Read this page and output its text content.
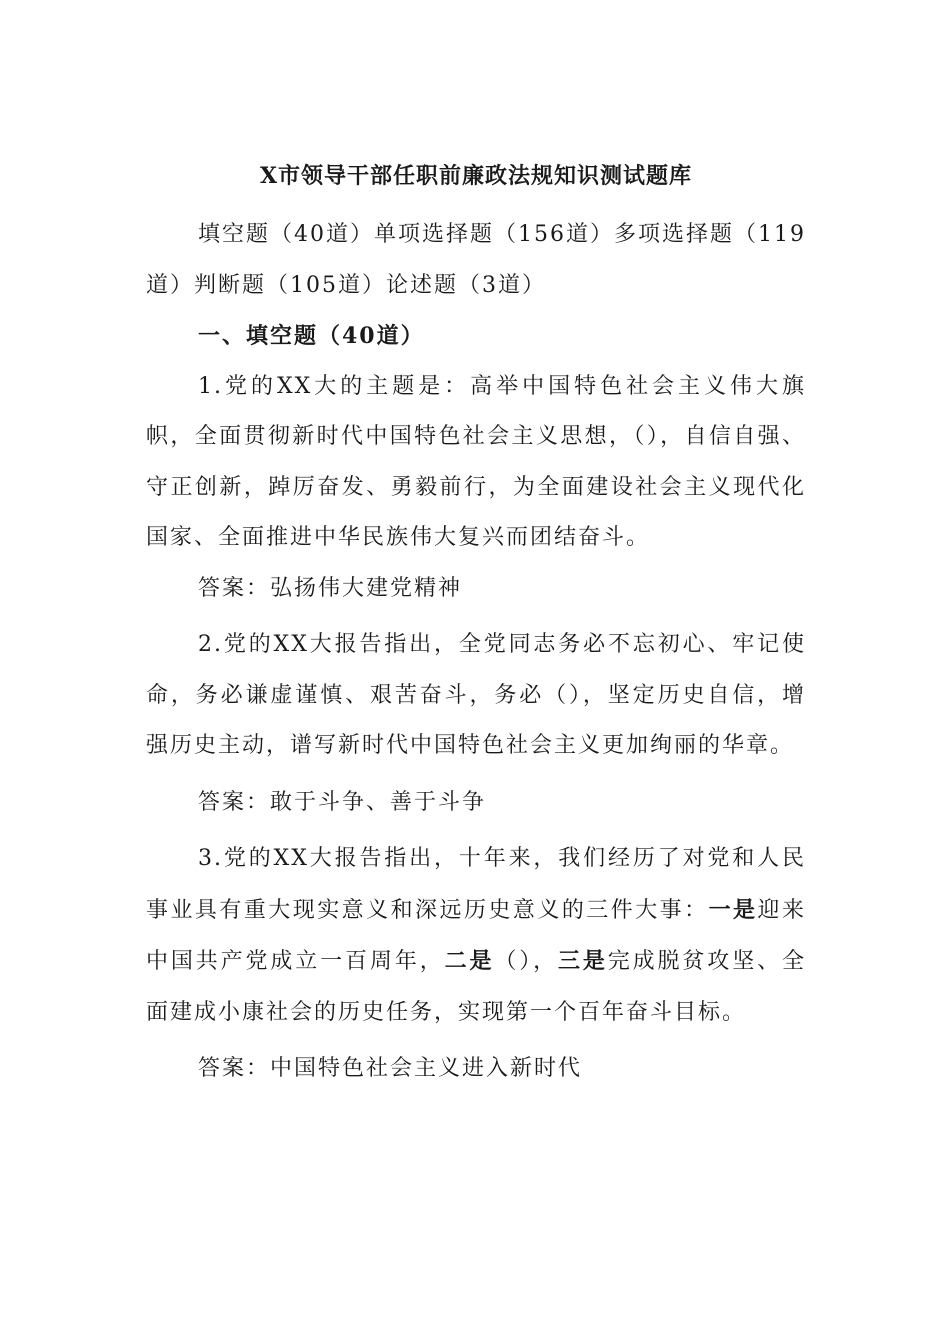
X市领导干部任职前廉政法规知识测试题库

填空题（40道）单项选择题（156道）多项选择题（119道）判断题（105道）论述题（3道）

一、填空题（40道）

1.党的XX大的主题是：高举中国特色社会主义伟大旗帜，全面贯彻新时代中国特色社会主义思想，（），自信自强、守正创新，踔厉奋发、勇毅前行，为全面建设社会主义现代化国家、全面推进中华民族伟大复兴而团结奋斗。

答案：弘扬伟大建党精神

2.党的XX大报告指出，全党同志务必不忘初心、牢记使命，务必谦虚谨慎、艰苦奋斗，务必（），坚定历史自信，增强历史主动，谱写新时代中国特色社会主义更加绚丽的华章。

答案：敢于斗争、善于斗争

3.党的XX大报告指出，十年来，我们经历了对党和人民事业具有重大现实意义和深远历史意义的三件大事：一是迎来中国共产党成立一百周年，二是（），三是完成脱贫攻坚、全面建成小康社会的历史任务，实现第一个百年奋斗目标。

答案：中国特色社会主义进入新时代
